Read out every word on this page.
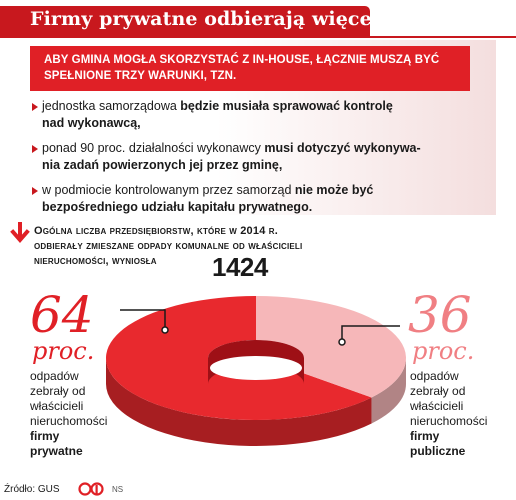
Firmy prywatne odbierają więcej śmieci
ABY GMINA MOGŁA SKORZYSTAĆ Z IN-HOUSE, ŁĄCZNIE MUSZĄ BYĆ
SPEŁNIONE TRZY WARUNKI, TZN.
jednostka samorządowa będzie musiała sprawować kontrolę
nad wykonawcą,
ponad 90 proc. działalności wykonawcy musi dotyczyć wykonywa-
nia zadań powierzonych jej przez gminę,
w podmiocie kontrolowanym przez samorząd nie może być
bezpośredniego udziału kapitału prywatnego.
Ogólna liczba przedsiębiorstw, które w 2014 r.
odbierały zmieszane odpady komunalne od właścicieli
nieruchomości, wyniosła	1424
64
proc.
odpadów
zebrały od
właścicieli
nieruchomości
firmy
prywatne
36
proc.
odpadów
zebrały od
właścicieli
nieruchomości
firmy
publiczne
Źródło: GUS	NS
